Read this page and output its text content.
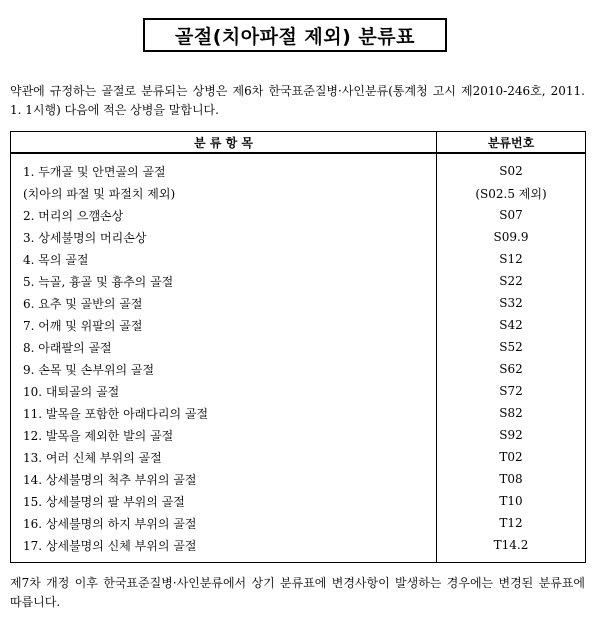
골절(치아파절 제외) 분류표
약관에 규정하는 골절로 분류되는 상병은 제6차 한국표준질병·사인분류(통계청 고시 제2010-246호, 2011. 1. 1시행) 다음에 적은 상병을 말합니다.
분 류 항 목	분류번호
1. 두개골 및 안면골의 골절	S02
(치아의 파절 및 파절치 제외)	(S02.5 제외)
2. 머리의 으깸손상	S07
3. 상세불명의 머리손상	S09.9
4. 목의 골절	S12
5. 늑골, 흉골 및 흉추의 골절	S22
6. 요추 및 골반의 골절	S32
7. 어깨 및 위팔의 골절	S42
8. 아래팔의 골절	S52
9. 손목 및 손부위의 골절	S62
10. 대퇴골의 골절	S72
11. 발목을 포함한 아래다리의 골절	S82
12. 발목을 제외한 발의 골절	S92
13. 여러 신체 부위의 골절	T02
14. 상세불명의 척추 부위의 골절	T08
15. 상세불명의 팔 부위의 골절	T10
16. 상세불명의 하지 부위의 골절	T12
17. 상세불명의 신체 부위의 골절	T14.2
제7차 개정 이후 한국표준질병·사인분류에서 상기 분류표에 변경사항이 발생하는 경우에는 변경된 분류표에 따릅니다.
